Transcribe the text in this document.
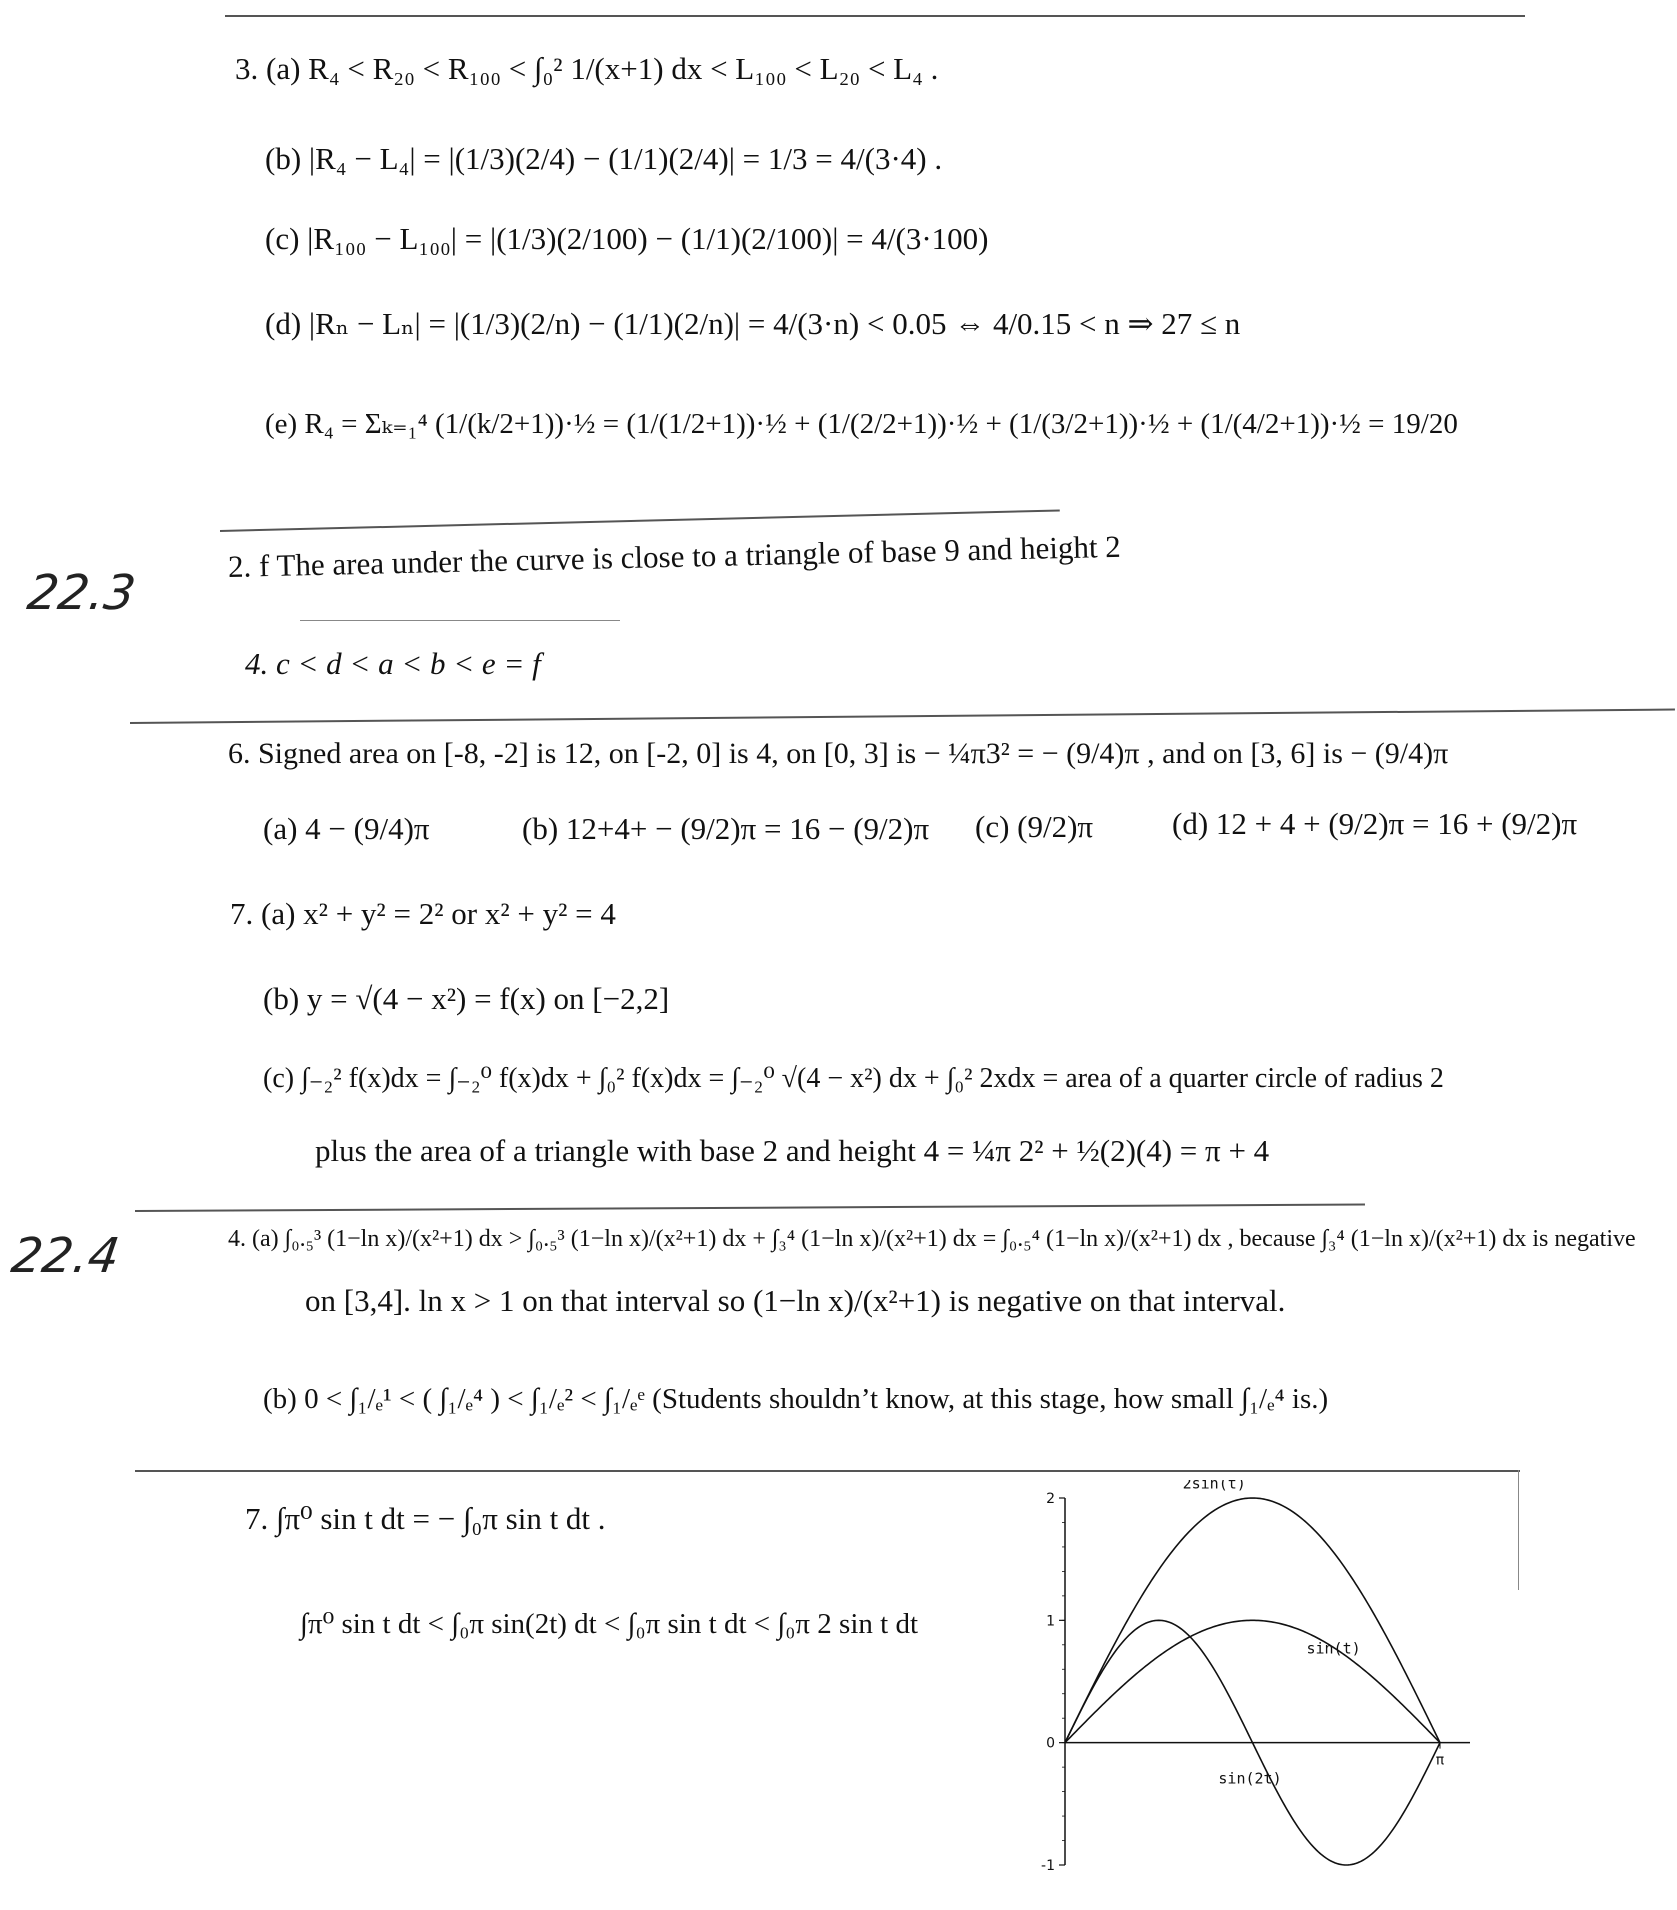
3. (a) R₄ < R₂₀ < R₁₀₀ < ∫₀² 1/(x+1) dx < L₁₀₀ < L₂₀ < L₄ .
(b) |R₄ − L₄| = |(1/3)(2/4) − (1/1)(2/4)| = 1/3 = 4/(3·4) .
(c) |R₁₀₀ − L₁₀₀| = |(1/3)(2/100) − (1/1)(2/100)| = 4/(3·100)
(d) |Rₙ − Lₙ| = |(1/3)(2/n) − (1/1)(2/n)| = 4/(3·n) < 0.05 ⇔ 4/0.15 < n ⇒ 27 ≤ n
(e) R₄ = Σₖ₌₁⁴ (1/(k/2+1))·½ = (1/(1/2+1))·½ + (1/(2/2+1))·½ + (1/(3/2+1))·½ + (1/(4/2+1))·½ = 19/20
22.3
2. f The area under the curve is close to a triangle of base 9 and height 2
4. c < d < a < b < e = f
6. Signed area on [-8, -2] is 12, on [-2, 0] is 4, on [0, 3] is − ¼π3² = − (9/4)π , and on [3, 6] is − (9/4)π
(a) 4 − (9/4)π	(b) 12+4+ − (9/2)π = 16 − (9/2)π (c) (9/2)π	(d) 12 + 4 + (9/2)π = 16 + (9/2)π
7. (a) x² + y² = 2² or x² + y² = 4
(b) y = √(4 − x²) = f(x) on [−2,2]
(c) ∫₋₂² f(x)dx = ∫₋₂⁰ f(x)dx + ∫₀² f(x)dx = ∫₋₂⁰ √(4 − x²) dx + ∫₀² 2xdx = area of a quarter circle of radius 2
plus the area of a triangle with base 2 and height 4 = ¼π 2² + ½(2)(4) = π + 4
22.4	4. (a) ∫₀.₅³ (1−ln x)/(x²+1) dx > ∫₀.₅³ (1−ln x)/(x²+1) dx + ∫₃⁴ (1−ln x)/(x²+1) dx = ∫₀.₅⁴ (1−ln x)/(x²+1) dx , because ∫₃⁴ (1−ln x)/(x²+1) dx is negative
on [3,4]. ln x > 1 on that interval so (1−ln x)/(x²+1) is negative on that interval.
(b) 0 < ∫₁/ₑ¹ < ( ∫₁/ₑ⁴ ) < ∫₁/ₑ² < ∫₁/ₑᵉ (Students shouldn’t know, at this stage, how small ∫₁/ₑ⁴ is.)
7. ∫π⁰ sin t dt = − ∫₀π sin t dt .
∫π⁰ sin t dt < ∫₀π sin(2t) dt < ∫₀π sin t dt < ∫₀π 2 sin t dt
2
1
0
-1
π
2sin(t)
sin(t)
sin(2t)
